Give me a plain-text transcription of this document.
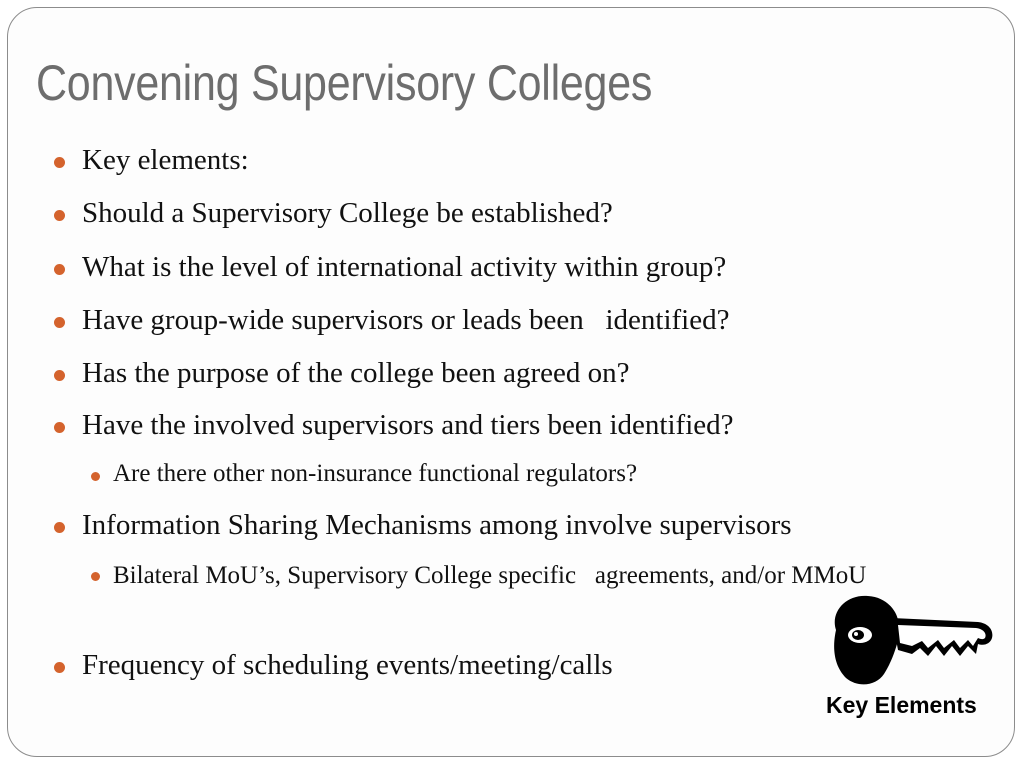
Convening Supervisory Colleges
Key elements:
Should a Supervisory College be established?
What is the level of international activity within group?
Have group-wide supervisors or leads been   identified?
Has the purpose of the college been agreed on?
Have the involved supervisors and tiers been identified?
Are there other non-insurance functional regulators?
Information Sharing Mechanisms among involve supervisors
Bilateral MoU’s, Supervisory College specific   agreements, and/or MMoU
Frequency of scheduling events/meeting/calls
Key Elements
